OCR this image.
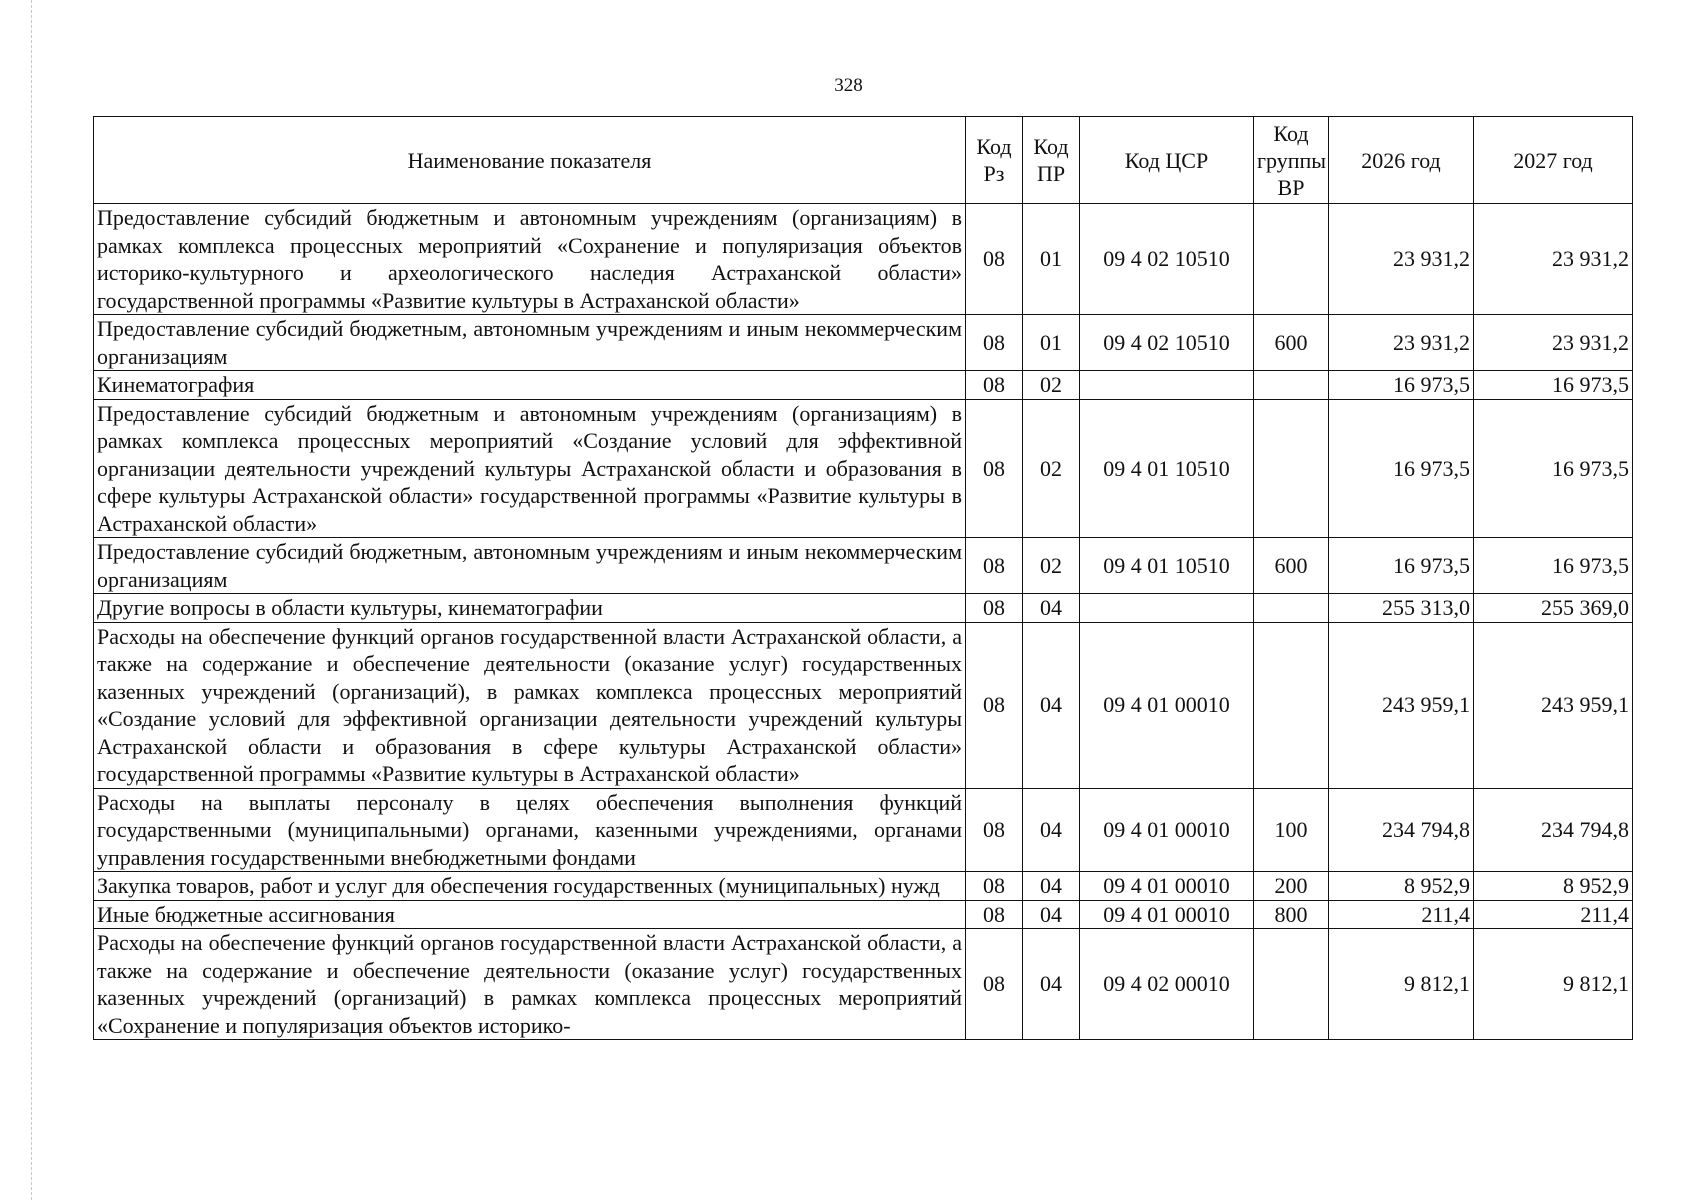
328
Наименование показателя	Код Рз	Код ПР	Код ЦСР	Код группы ВР	2026 год	2027 год
Предоставление субсидий бюджетным и автономным учреждениям (организациям) в рамках комплекса процессных мероприятий «Сохранение и популяризация объектов историко-культурного и археологического наследия Астраханской области» государственной программы «Развитие культуры в Астраханской области»	08	01	09 4 02 10510		23 931,2	23 931,2
Предоставление субсидий бюджетным, автономным учреждениям и иным некоммерческим организациям	08	01	09 4 02 10510	600	23 931,2	23 931,2
Кинематография	08	02			16 973,5	16 973,5
Предоставление субсидий бюджетным и автономным учреждениям (организациям) в рамках комплекса процессных мероприятий «Создание условий для эффективной организации деятельности учреждений культуры Астраханской области и образования в сфере культуры Астраханской области» государственной программы «Развитие культуры в Астраханской области»	08	02	09 4 01 10510		16 973,5	16 973,5
Предоставление субсидий бюджетным, автономным учреждениям и иным некоммерческим организациям	08	02	09 4 01 10510	600	16 973,5	16 973,5
Другие вопросы в области культуры, кинематографии	08	04			255 313,0	255 369,0
Расходы на обеспечение функций органов государственной власти Астраханской области, а также на содержание и обеспечение деятельности (оказание услуг) государственных казенных учреждений (организаций), в рамках комплекса процессных мероприятий «Создание условий для эффективной организации деятельности учреждений культуры Астраханской области и образования в сфере культуры Астраханской области» государственной программы «Развитие культуры в Астраханской области»	08	04	09 4 01 00010		243 959,1	243 959,1
Расходы на выплаты персоналу в целях обеспечения выполнения функций государственными (муниципальными) органами, казенными учреждениями, органами управления государственными внебюджетными фондами	08	04	09 4 01 00010	100	234 794,8	234 794,8
Закупка товаров, работ и услуг для обеспечения государственных (муниципальных) нужд	08	04	09 4 01 00010	200	8 952,9	8 952,9
Иные бюджетные ассигнования	08	04	09 4 01 00010	800	211,4	211,4
Расходы на обеспечение функций органов государственной власти Астраханской области, а также на содержание и обеспечение деятельности (оказание услуг) государственных казенных учреждений (организаций) в рамках комплекса процессных мероприятий «Сохранение и популяризация объектов историко-	08	04	09 4 02 00010		9 812,1	9 812,1
